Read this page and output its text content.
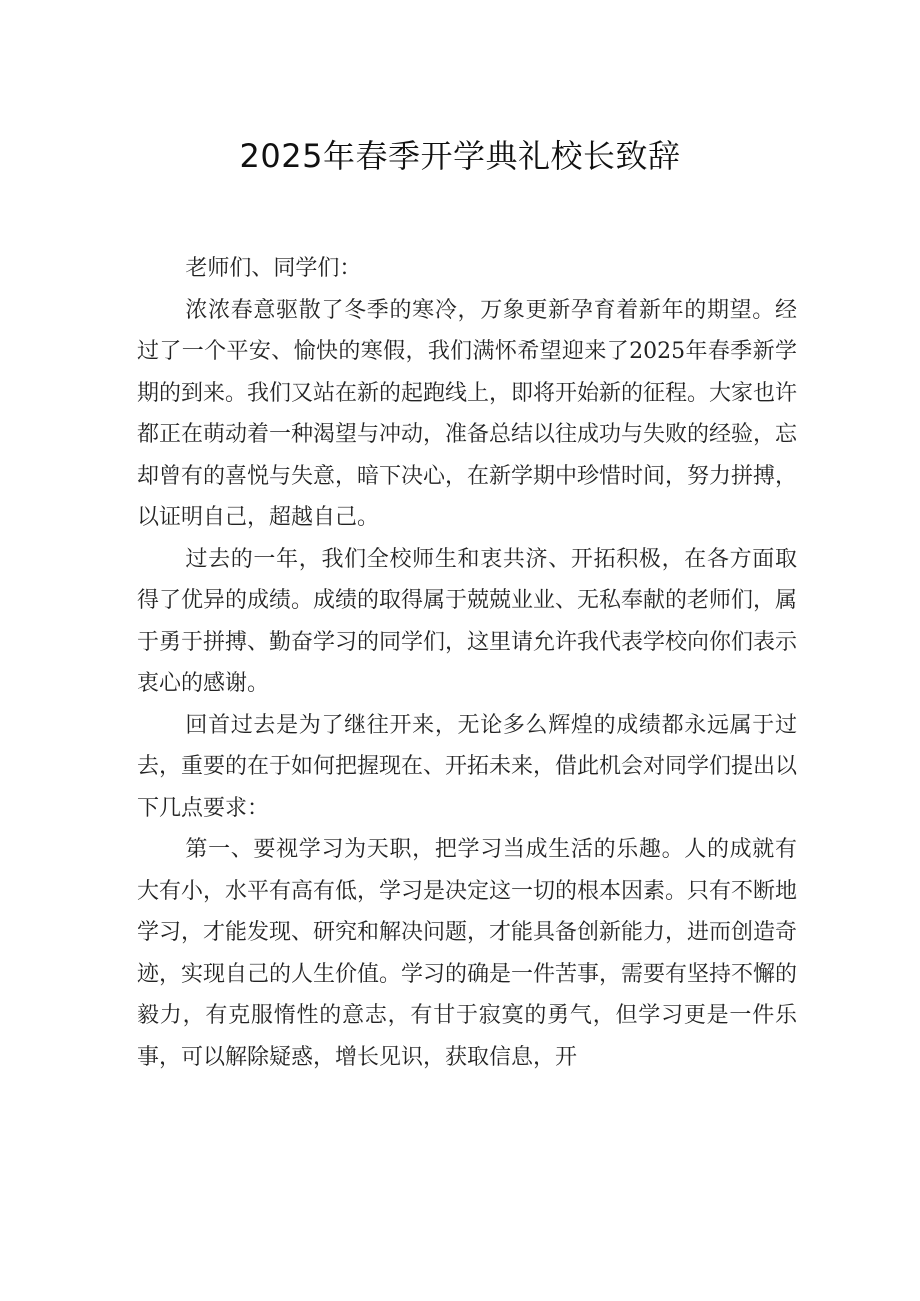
2025年春季开学典礼校长致辞

老师们、同学们：

浓浓春意驱散了冬季的寒冷，万象更新孕育着新年的期望。经过了一个平安、愉快的寒假，我们满怀希望迎来了2025年春季新学期的到来。我们又站在新的起跑线上，即将开始新的征程。大家也许都正在萌动着一种渴望与冲动，准备总结以往成功与失败的经验，忘却曾有的喜悦与失意，暗下决心，在新学期中珍惜时间，努力拼搏，以证明自己，超越自己。

过去的一年，我们全校师生和衷共济、开拓积极，在各方面取得了优异的成绩。成绩的取得属于兢兢业业、无私奉献的老师们，属于勇于拼搏、勤奋学习的同学们，这里请允许我代表学校向你们表示衷心的感谢。

回首过去是为了继往开来，无论多么辉煌的成绩都永远属于过去，重要的在于如何把握现在、开拓未来，借此机会对同学们提出以下几点要求：

第一、要视学习为天职，把学习当成生活的乐趣。人的成就有大有小，水平有高有低，学习是决定这一切的根本因素。只有不断地学习，才能发现、研究和解决问题，才能具备创新能力，进而创造奇迹，实现自己的人生价值。学习的确是一件苦事，需要有坚持不懈的毅力，有克服惰性的意志，有甘于寂寞的勇气，但学习更是一件乐事，可以解除疑惑，增长见识，获取信息，开
